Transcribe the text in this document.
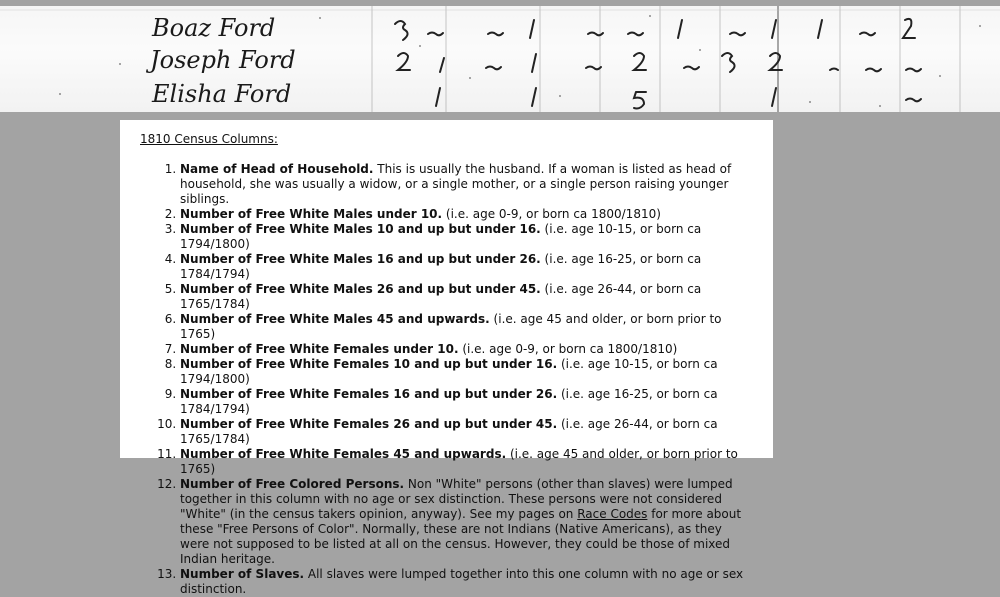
Boaz Ford
Joseph Ford
Elisha Ford
1810 Census Columns:
1. Name of Head of Household. This is usually the husband. If a woman is listed as head of household, she was usually a widow, or a single mother, or a single person raising younger siblings.
2. Number of Free White Males under 10. (i.e. age 0-9, or born ca 1800/1810)
3. Number of Free White Males 10 and up but under 16. (i.e. age 10-15, or born ca 1794/1800)
4. Number of Free White Males 16 and up but under 26. (i.e. age 16-25, or born ca 1784/1794)
5. Number of Free White Males 26 and up but under 45. (i.e. age 26-44, or born ca 1765/1784)
6. Number of Free White Males 45 and upwards. (i.e. age 45 and older, or born prior to 1765)
7. Number of Free White Females under 10. (i.e. age 0-9, or born ca 1800/1810)
8. Number of Free White Females 10 and up but under 16. (i.e. age 10-15, or born ca 1794/1800)
9. Number of Free White Females 16 and up but under 26. (i.e. age 16-25, or born ca 1784/1794)
10. Number of Free White Females 26 and up but under 45. (i.e. age 26-44, or born ca 1765/1784)
11. Number of Free White Females 45 and upwards. (i.e. age 45 and older, or born prior to 1765)
12. Number of Free Colored Persons. Non "White" persons (other than slaves) were lumped together in this column with no age or sex distinction. These persons were not considered "White" (in the census takers opinion, anyway). See my pages on Race Codes for more about these "Free Persons of Color". Normally, these are not Indians (Native Americans), as they were not supposed to be listed at all on the census. However, they could be those of mixed Indian heritage.
13. Number of Slaves. All slaves were lumped together into this one column with no age or sex distinction.
